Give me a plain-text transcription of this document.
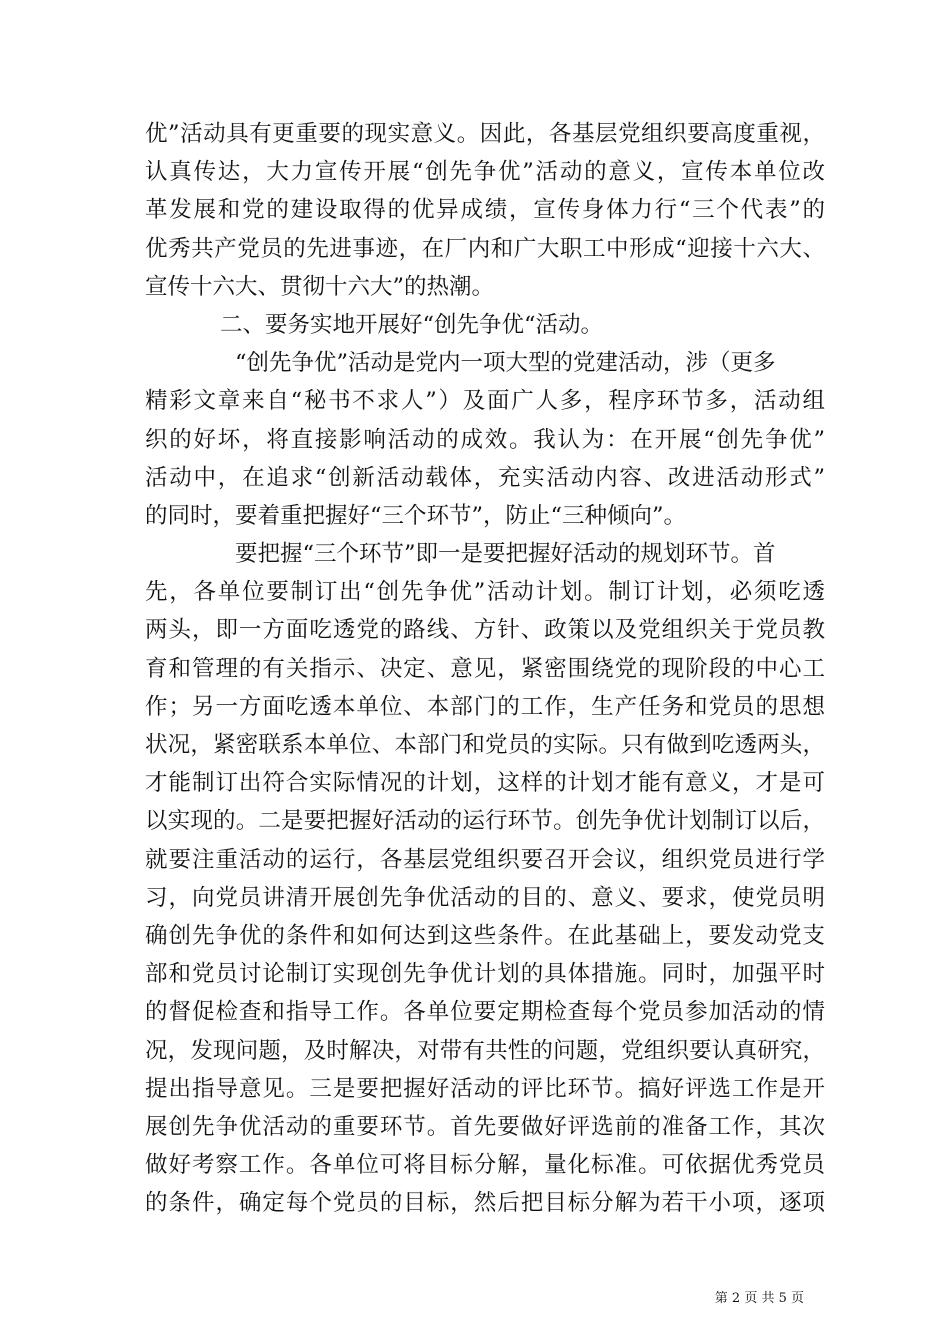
优”活动具有更重要的现实意义。因此，各基层党组织要高度重视，
认真传达，大力宣传开展“创先争优”活动的意义，宣传本单位改
革发展和党的建设取得的优异成绩，宣传身体力行“三个代表”的
优秀共产党员的先进事迹，在厂内和广大职工中形成“迎接十六大、
宣传十六大、贯彻十六大”的热潮。
二、要务实地开展好“创先争优“活动。
“创先争优”活动是党内一项大型的党建活动，涉（更多
精彩文章来自“秘书不求人”）及面广人多，程序环节多，活动组
织的好坏，将直接影响活动的成效。我认为：在开展“创先争优”
活动中，在追求“创新活动载体，充实活动内容、改进活动形式”
的同时，要着重把握好“三个环节”，防止“三种倾向”。
要把握“三个环节”即一是要把握好活动的规划环节。首
先，各单位要制订出“创先争优”活动计划。制订计划，必须吃透
两头，即一方面吃透党的路线、方针、政策以及党组织关于党员教
育和管理的有关指示、决定、意见，紧密围绕党的现阶段的中心工
作；另一方面吃透本单位、本部门的工作，生产任务和党员的思想
状况，紧密联系本单位、本部门和党员的实际。只有做到吃透两头，
才能制订出符合实际情况的计划，这样的计划才能有意义，才是可
以实现的。二是要把握好活动的运行环节。创先争优计划制订以后，
就要注重活动的运行，各基层党组织要召开会议，组织党员进行学
习，向党员讲清开展创先争优活动的目的、意义、要求，使党员明
确创先争优的条件和如何达到这些条件。在此基础上，要发动党支
部和党员讨论制订实现创先争优计划的具体措施。同时，加强平时
的督促检查和指导工作。各单位要定期检查每个党员参加活动的情
况，发现问题，及时解决，对带有共性的问题，党组织要认真研究，
提出指导意见。三是要把握好活动的评比环节。搞好评选工作是开
展创先争优活动的重要环节。首先要做好评选前的准备工作，其次
做好考察工作。各单位可将目标分解，量化标准。可依据优秀党员
的条件，确定每个党员的目标，然后把目标分解为若干小项，逐项
第 2 页 共 5 页
